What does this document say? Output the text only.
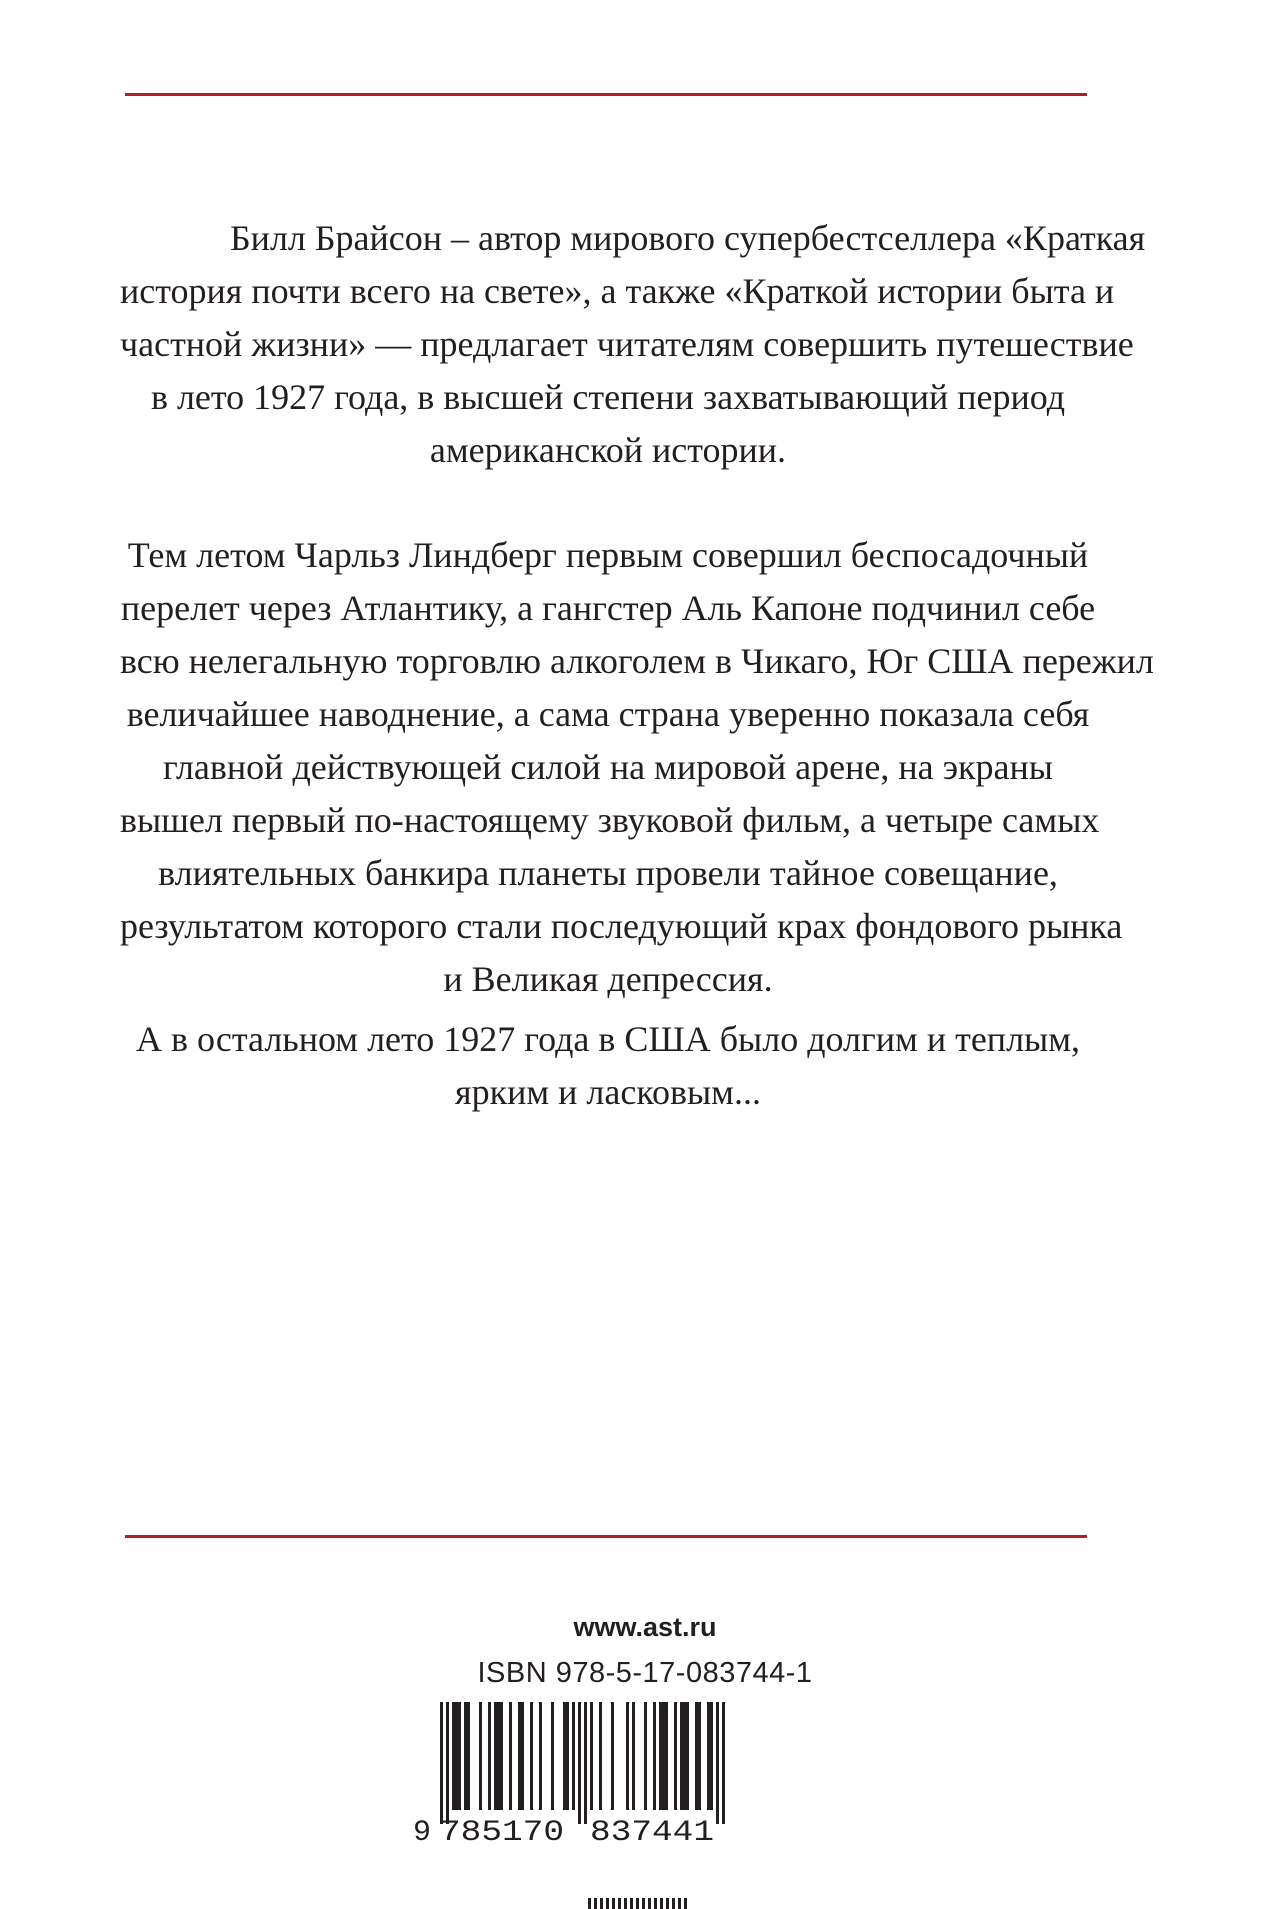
Билл Брайсон – автор мирового супербестселлера «Краткая
история почти всего на свете», а также «Краткой истории быта и
частной жизни» — предлагает читателям совершить путешествие
в лето 1927 года, в высшей степени захватывающий период
американской истории.
Тем летом Чарльз Линдберг первым совершил беспосадочный
перелет через Атлантику, а гангстер Аль Капоне подчинил себе
всю нелегальную торговлю алкоголем в Чикаго, Юг США пережил
величайшее наводнение, а сама страна уверенно показала себя
главной действующей силой на мировой арене, на экраны
вышел первый по-настоящему звуковой фильм, а четыре самых
влиятельных банкира планеты провели тайное совещание,
результатом которого стали последующий крах фондового рынка
и Великая депрессия.
А в остальном лето 1927 года в США было долгим и теплым,
ярким и ласковым...
www.ast.ru
ISBN 978-5-17-083744-1
9 785170 837441
